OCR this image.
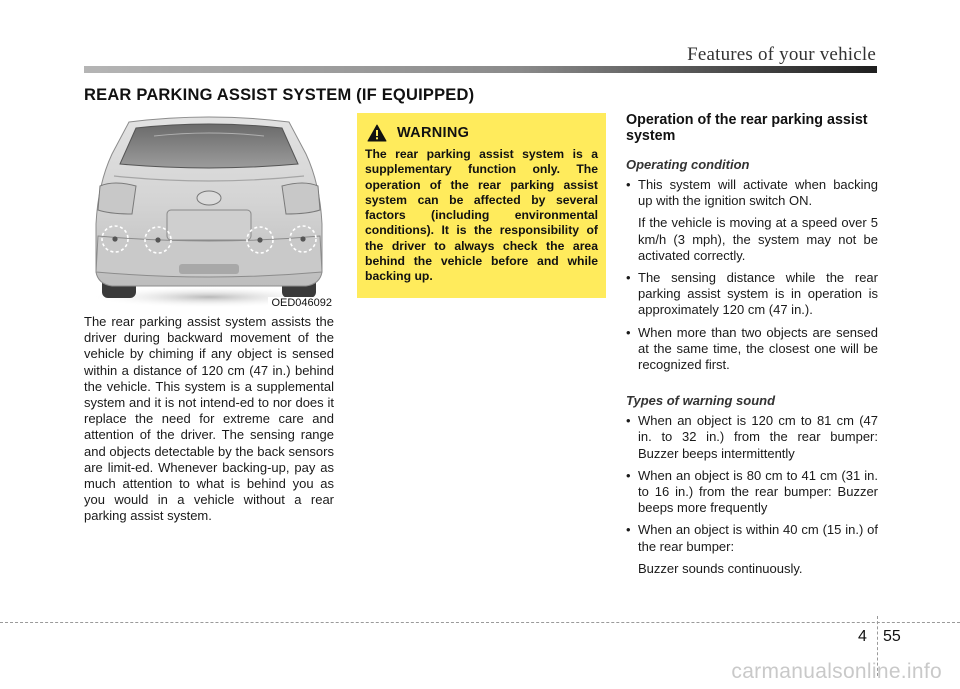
Features of your vehicle
REAR PARKING ASSIST SYSTEM (IF EQUIPPED)
OED046092

The rear parking assist system assists the driver during backward movement of the vehicle by chiming if any object is sensed within a distance of 120 cm (47 in.) behind the vehicle. This system is a supplemental system and it is not intend-ed to nor does it replace the need for extreme care and attention of the driver. The sensing range and objects detectable by the back sensors are limit-ed. Whenever backing-up, pay as much attention to what is behind you as you would in a vehicle without a rear parking assist system.

WARNING

The rear parking assist system is a supplementary function only. The operation of the rear parking assist system can be affected by several factors (including environmental conditions). It is the responsibility of the driver to always check the area behind the vehicle before and while backing up.

Operation of the rear parking assist system
Operating condition

• This system will activate when backing up with the ignition switch ON.

If the vehicle is moving at a speed over 5 km/h (3 mph), the system may not be activated correctly.

• The sensing distance while the rear parking assist system is in operation is approximately 120 cm (47 in.).

• When more than two objects are sensed at the same time, the closest one will be recognized first.

Types of warning sound

• When an object is 120 cm to 81 cm (47 in. to 32 in.) from the rear bumper: Buzzer beeps intermittently

• When an object is 80 cm to 41 cm (31 in. to 16 in.) from the rear bumper: Buzzer beeps more frequently

• When an object is within 40 cm (15 in.) of the rear bumper:

Buzzer sounds continuously.

4 55
carmanualsonline.info
